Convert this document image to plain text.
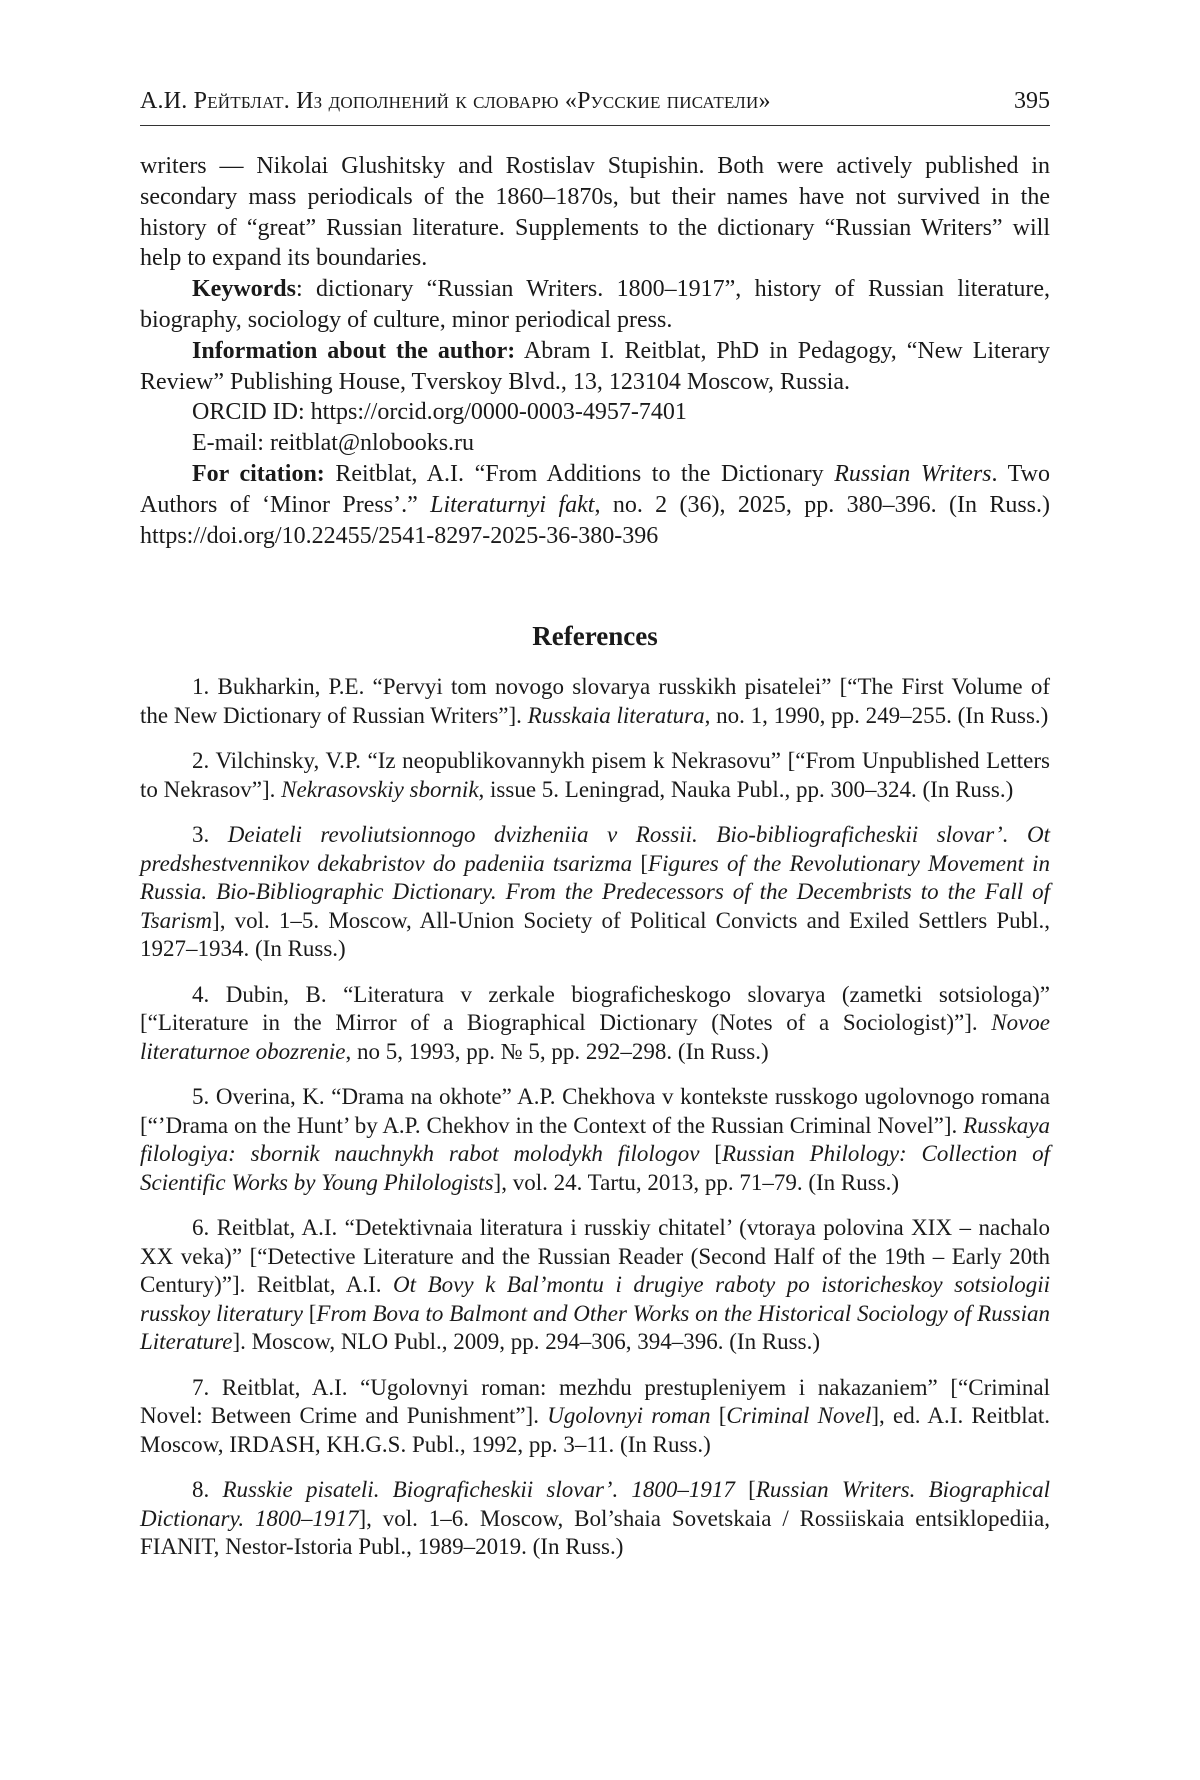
А.И. Рейтблат. Из дополнений к словарю «Русские писатели»	395

writers — Nikolai Glushitsky and Rostislav Stupishin. Both were actively published in secondary mass periodicals of the 1860–1870s, but their names have not survived in the history of “great” Russian literature. Supplements to the dictionary “Russian Writers” will help to expand its boundaries.

Keywords: dictionary “Russian Writers. 1800–1917”, history of Russian literature, biography, sociology of culture, minor periodical press.

Information about the author: Abram I. Reitblat, PhD in Pedagogy, “New Literary Review” Publishing House, Tverskoy Blvd., 13, 123104 Moscow, Russia.

ORCID ID: https://orcid.org/0000-0003-4957-7401

E-mail: reitblat@nlobooks.ru

For citation: Reitblat, A.I. “From Additions to the Dictionary Russian Writers. Two Authors of ‘Minor Press’.” Literaturnyi fakt, no. 2 (36), 2025, pp. 380–396. (In Russ.) https://doi.org/10.22455/2541-8297-2025-36-380-396

References

1. Bukharkin, P.E. “Pervyi tom novogo slovarya russkikh pisatelei” [“The First Volume of the New Dictionary of Russian Writers”]. Russkaia literatura, no. 1, 1990, pp. 249–255. (In Russ.)

2. Vilchinsky, V.P. “Iz neopublikovannykh pisem k Nekrasovu” [“From Unpublished Letters to Nekrasov”]. Nekrasovskiy sbornik, issue 5. Leningrad, Nauka Publ., pp. 300–324. (In Russ.)

3. Deiateli revoliutsionnogo dvizheniia v Rossii. Bio-bibliograficheskii slovar’. Ot predshestvennikov dekabristov do padeniia tsarizma [Figures of the Revolutionary Movement in Russia. Bio-Bibliographic Dictionary. From the Predecessors of the Decembrists to the Fall of Tsarism], vol. 1–5. Moscow, All-Union Society of Political Convicts and Exiled Settlers Publ., 1927–1934. (In Russ.)

4. Dubin, B. “Literatura v zerkale biograficheskogo slovarya (zametki sotsiologa)” [“Literature in the Mirror of a Biographical Dictionary (Notes of a Sociologist)”]. Novoe literaturnoe obozrenie, no 5, 1993, pp. № 5, pp. 292–298. (In Russ.)

5. Overina, K. “Drama na okhote” A.P. Chekhova v kontekste russkogo ugolovnogo romana [“’Drama on the Hunt’ by A.P. Chekhov in the Context of the Russian Criminal Novel”]. Russkaya filologiya: sbornik nauchnykh rabot molodykh filologov [Russian Philology: Collection of Scientific Works by Young Philologists], vol. 24. Tartu, 2013, pp. 71–79. (In Russ.)

6. Reitblat, A.I. “Detektivnaia literatura i russkiy chitatel’ (vtoraya polovina XIX – nachalo XX veka)” [“Detective Literature and the Russian Reader (Second Half of the 19th – Early 20th Century)”]. Reitblat, A.I. Ot Bovy k Bal’montu i drugiye raboty po istoricheskoy sotsiologii russkoy literatury [From Bova to Balmont and Other Works on the Historical Sociology of Russian Literature]. Moscow, NLO Publ., 2009, pp. 294–306, 394–396. (In Russ.)

7. Reitblat, A.I. “Ugolovnyi roman: mezhdu prestupleniyem i nakazaniem” [“Criminal Novel: Between Crime and Punishment”]. Ugolovnyi roman [Criminal Novel], ed. A.I. Reitblat. Moscow, IRDASH, KH.G.S. Publ., 1992, pp. 3–11. (In Russ.)

8. Russkie pisateli. Biograficheskii slovar’. 1800–1917 [Russian Writers. Biographical Dictionary. 1800–1917], vol. 1–6. Moscow, Bol’shaia Sovetskaia / Rossiiskaia entsiklopediia, FIANIT, Nestor-Istoria Publ., 1989–2019. (In Russ.)
